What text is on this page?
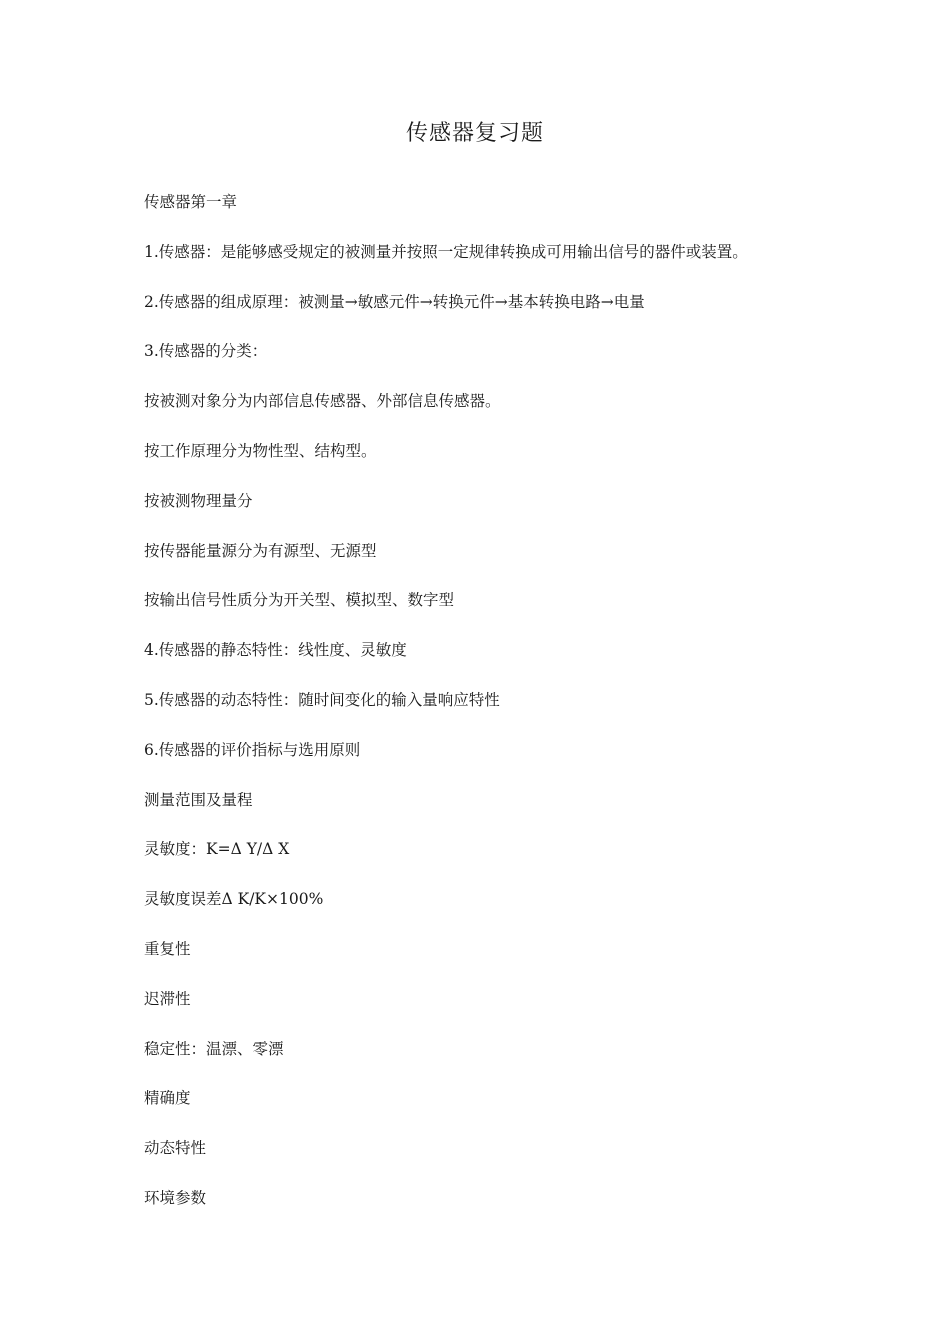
传感器复习题
传感器第一章
1.传感器：是能够感受规定的被测量并按照一定规律转换成可用输出信号的器件或装置。
2.传感器的组成原理：被测量→敏感元件→转换元件→基本转换电路→电量
3.传感器的分类：
按被测对象分为内部信息传感器、外部信息传感器。
按工作原理分为物性型、结构型。
按被测物理量分
按传器能量源分为有源型、无源型
按输出信号性质分为开关型、模拟型、数字型
4.传感器的静态特性：线性度、灵敏度
5.传感器的动态特性：随时间变化的输入量响应特性
6.传感器的评价指标与选用原则
测量范围及量程
灵敏度：K=Δ Y/Δ X
灵敏度误差Δ K/K×100%
重复性
迟滞性
稳定性：温漂、零漂
精确度
动态特性
环境参数
